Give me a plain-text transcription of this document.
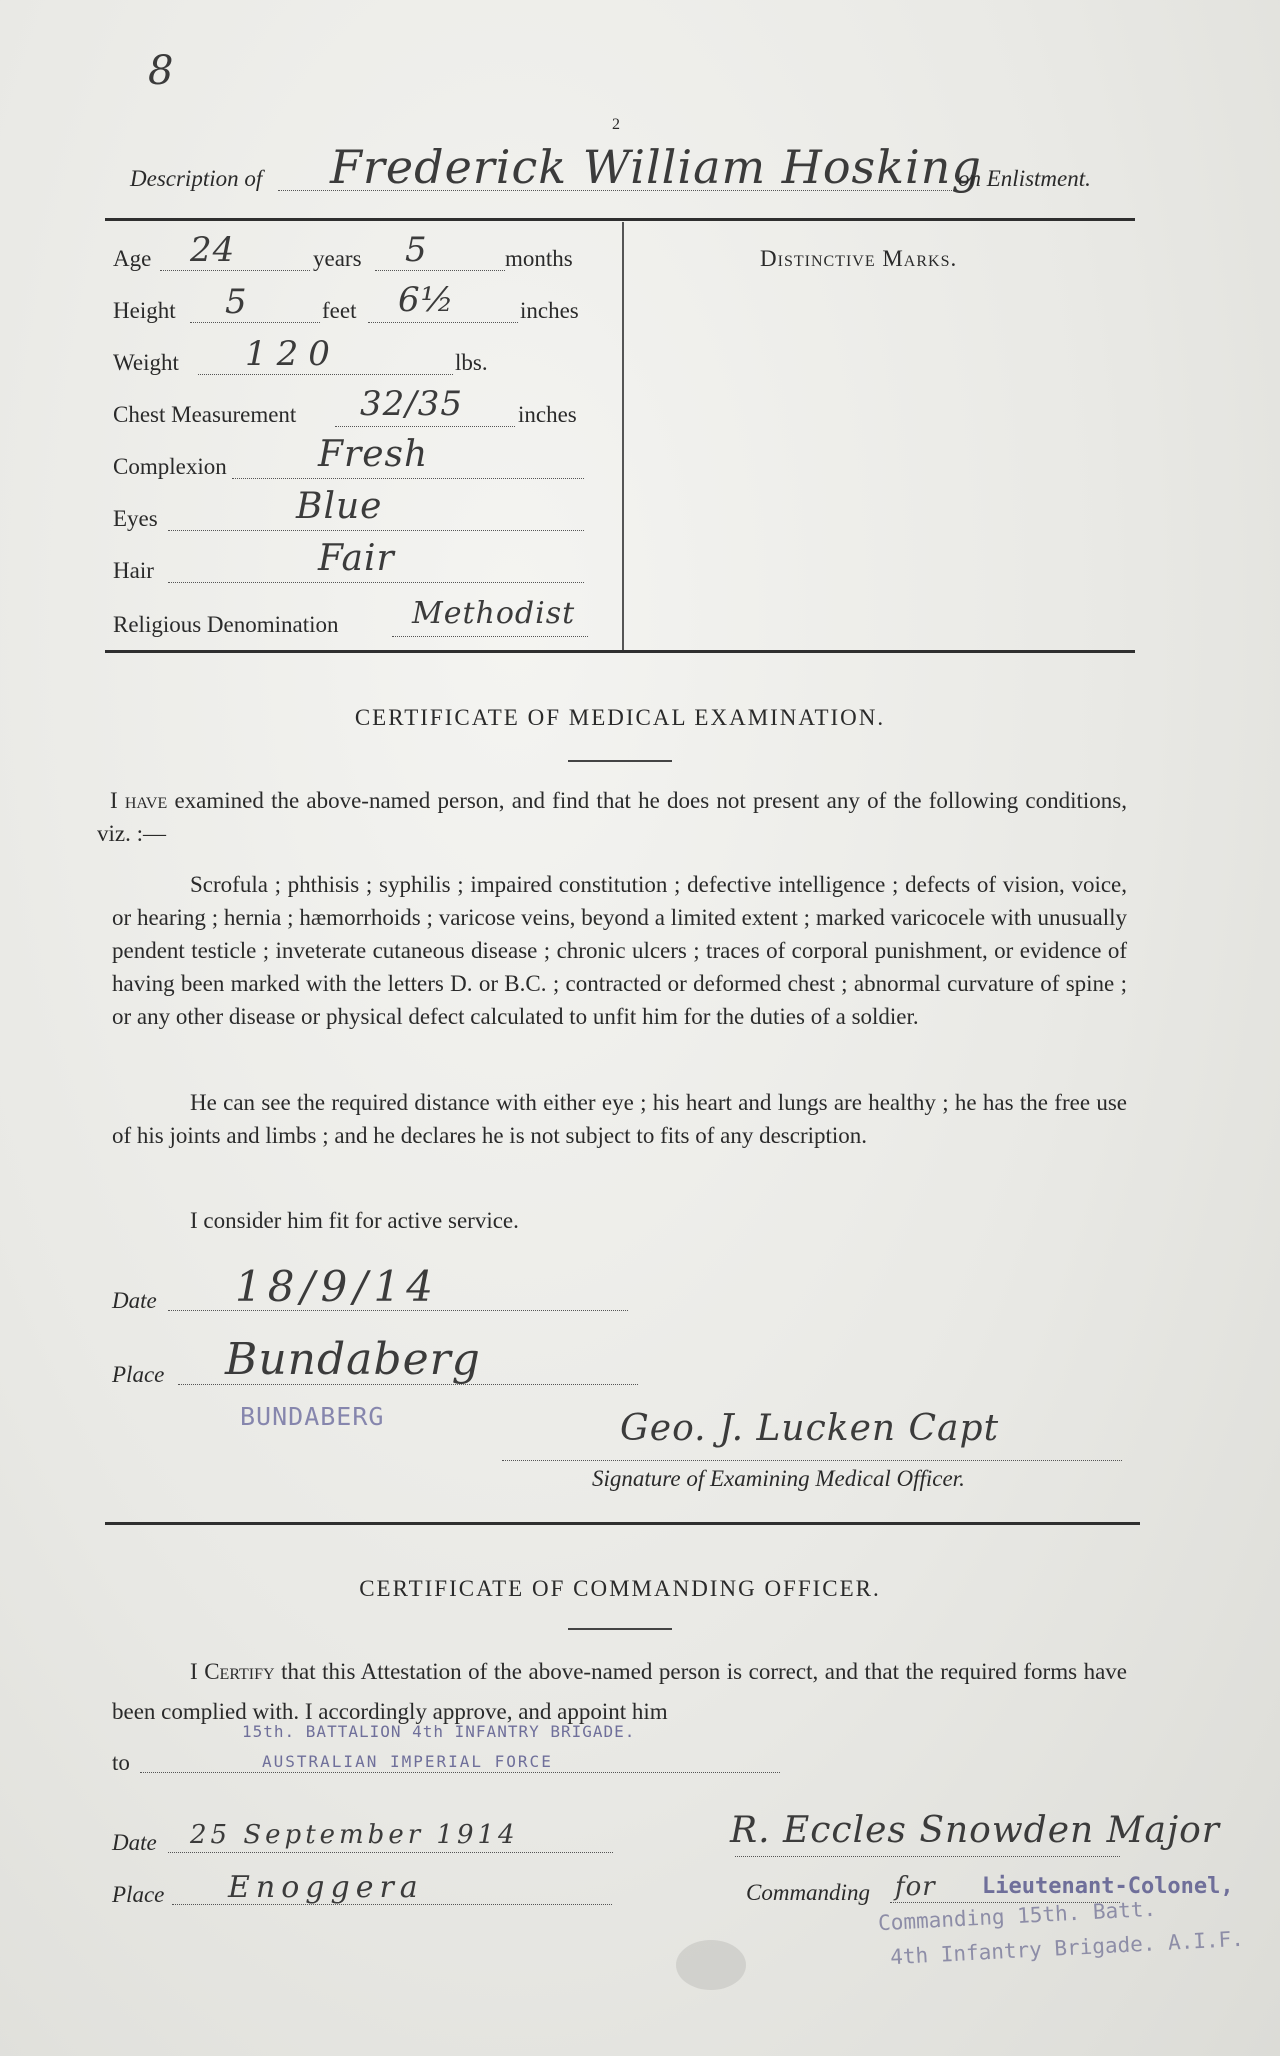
8
2
Description of Frederick William Hosking
on Enlistment.
Age 24	years 5	months
Height 5	feet 6½	inches
Weight 120	lbs.
Chest Measurement 32/35 inches
Complexion	Fresh
Eyes	Blue
Hair	Fair
Religious Denomination Methodist
Distinctive Marks.
CERTIFICATE OF MEDICAL EXAMINATION.
I have examined the above-named person, and find that he does not present any of the following conditions, viz. :—
Scrofula ; phthisis ; syphilis ; impaired constitution ; defective intelligence ; defects of vision, voice, or hearing ; hernia ; hæmorrhoids ; varicose veins, beyond a limited extent ; marked varicocele with unusually pendent testicle ; inveterate cutaneous disease ; chronic ulcers ; traces of corporal punishment, or evidence of having been marked with the letters D. or B.C. ; contracted or deformed chest ; abnormal curvature of spine ; or any other disease or physical defect calculated to unfit him for the duties of a soldier.
He can see the required distance with either eye ; his heart and lungs are healthy ; he has the free use of his joints and limbs ; and he declares he is not subject to fits of any description.
I consider him fit for active service.
Date 18/9/14
Place Bundaberg
BUNDABERG	Geo. J. Lucken Capt
Signature of Examining Medical Officer.
CERTIFICATE OF COMMANDING OFFICER.
I Certify that this Attestation of the above-named person is correct, and that the required forms have been complied with. I accordingly approve, and appoint him
15th. BATTALION 4th INFANTRY BRIGADE.
to	AUSTRALIAN IMPERIAL FORCE
Date 25 September 1914
Place Enoggera
R. Eccles Snowden Major
Commanding for Lieutenant-Colonel,
Commanding 15th. Batt.
4th Infantry Brigade. A.I.F.
